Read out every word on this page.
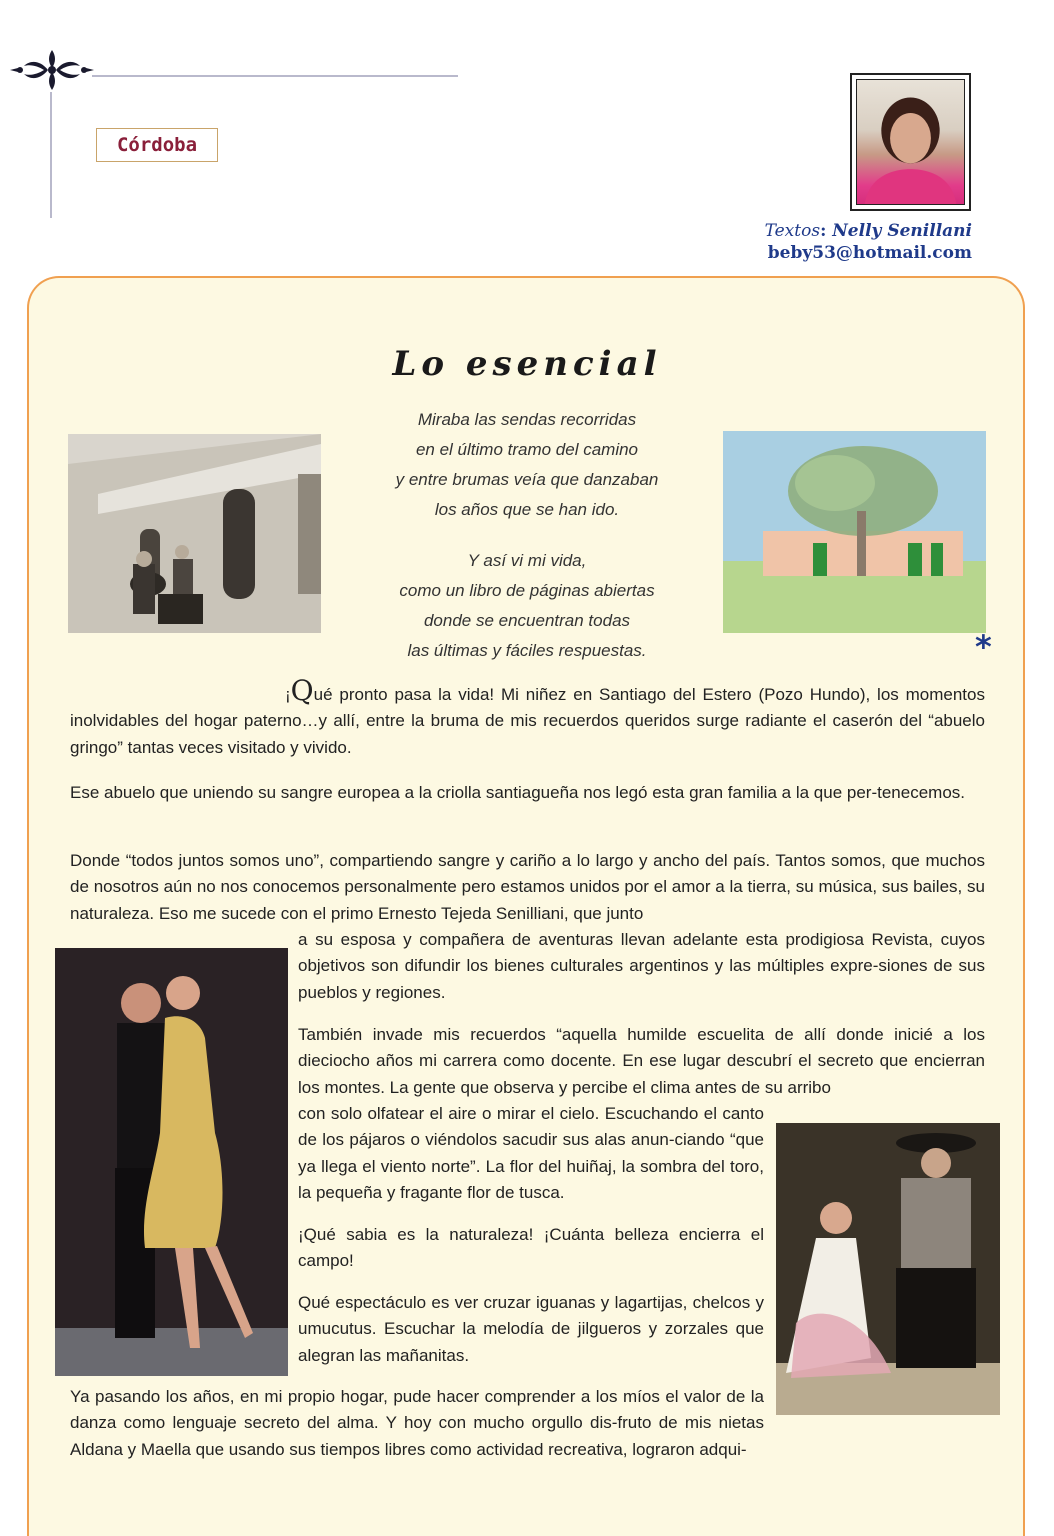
Córdoba
Textos: Nelly Senillani
beby53@hotmail.com
Lo esencial

Miraba las sendas recorridas

en el último tramo del camino

y entre brumas veía que danzaban

los años que se han ido.

Y así vi mi vida,

como un libro de páginas abiertas

donde se encuentran todas

las últimas y fáciles respuestas.	*

¡Qué pronto pasa la vida! Mi niñez en Santiago del Estero (Pozo Hundo), los momentos inolvidables del hogar paterno…y allí, entre la bruma de mis recuerdos queridos surge radiante el caserón del “abuelo gringo” tantas veces visitado y vivido.

Ese abuelo que uniendo su sangre europea a la criolla santiagueña nos legó esta gran familia a la que per-tenecemos.

Donde “todos juntos somos uno”, compartiendo sangre y cariño a lo largo y ancho del país. Tantos somos, que muchos de nosotros aún no nos conocemos personalmente pero estamos unidos por el amor a la tierra, su música, sus bailes, su naturaleza. Eso me sucede con el primo Ernesto Tejeda Senilliani, que junto

a su esposa y compañera de aventuras llevan adelante esta prodigiosa Revista, cuyos objetivos son difundir los bienes culturales argentinos y las múltiples expre-siones de sus pueblos y regiones.

También invade mis recuerdos “aquella humilde escuelita de allí donde inicié a los dieciocho años mi carrera como docente. En ese lugar descubrí el secreto que encierran los montes. La gente que observa y percibe el clima antes de su arribo

con solo olfatear el aire o mirar el cielo. Escuchando el canto de los pájaros o viéndolos sacudir sus alas anun-ciando “que ya llega el viento norte”. La flor del huiñaj, la sombra del toro, la pequeña y fragante flor de tusca.

¡Qué sabia es la naturaleza! ¡Cuánta belleza encierra el campo!

Qué espectáculo es ver cruzar iguanas y lagartijas, chelcos y umucutus. Escuchar la melodía de jilgueros y zorzales que alegran las mañanitas.

Ya pasando los años, en mi propio hogar, pude hacer comprender a los míos el valor de la danza como lenguaje secreto del alma. Y hoy con mucho orgullo dis-fruto de mis nietas Aldana y Maella que usando sus tiempos libres como actividad recreativa, lograron adqui-
